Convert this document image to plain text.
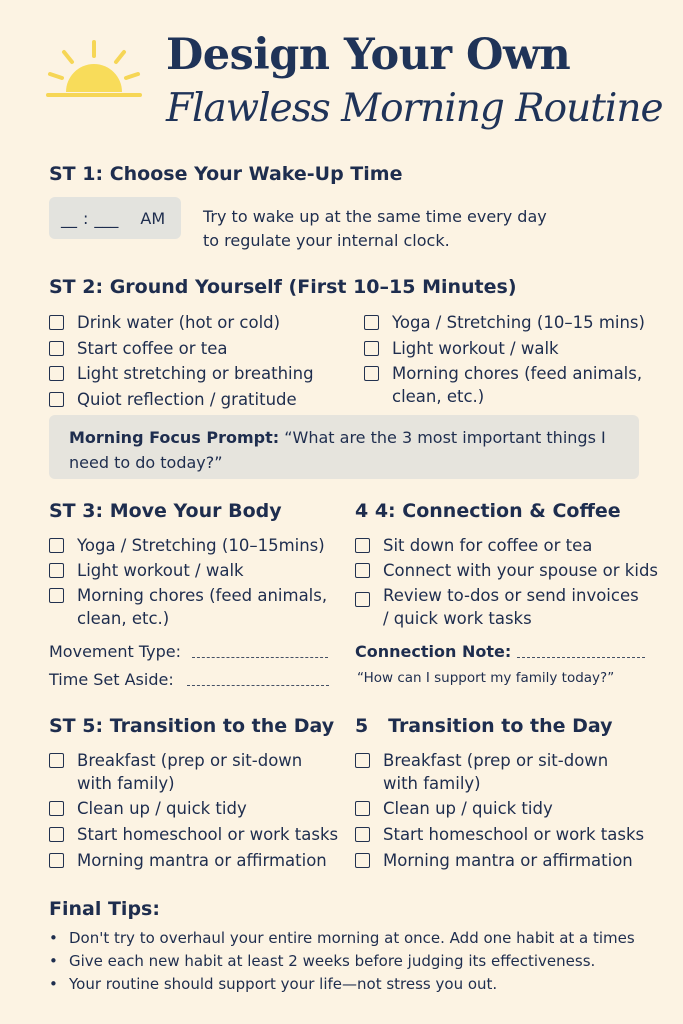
Design Your Own
Flawless Morning Routine
ST 1: Choose Your Wake-Up Time
__ : ___ AM Try to wake up at the same time every day
to regulate your internal clock.
ST 2: Ground Yourself (First 10–15 Minutes)
Drink water (hot or cold)
Start coffee or tea
Light stretching or breathing
Quiot reflection / gratitude
Yoga / Stretching (10–15 mins)
Light workout / walk
Morning chores (feed animals,
clean, etc.)
Morning Focus Prompt: “What are the 3 most important things I
need to do today?”
ST 3: Move Your Body
Yoga / Stretching (10–15mins)
Light workout / walk
Morning chores (feed animals,
clean, etc.)
Movement Type:
Time Set Aside:
4 4: Connection & Coffee
Sit down for coffee or tea
Connect with your spouse or kids
Review to-dos or send invoices
/ quick work tasks
Connection Note:
“How can I support my family today?”
ST 5: Transition to the Day
Breakfast (prep or sit-down
with family)
Clean up / quick tidy
Start homeschool or work tasks
Morning mantra or affirmation
5   Transition to the Day
Breakfast (prep or sit-down
with family)
Clean up / quick tidy
Start homeschool or work tasks
Morning mantra or affirmation
Final Tips:
• Don't try to overhaul your entire morning at once. Add one habit at a times
• Give each new habit at least 2 weeks before judging its effectiveness.
• Your routine should support your life—not stress you out.
